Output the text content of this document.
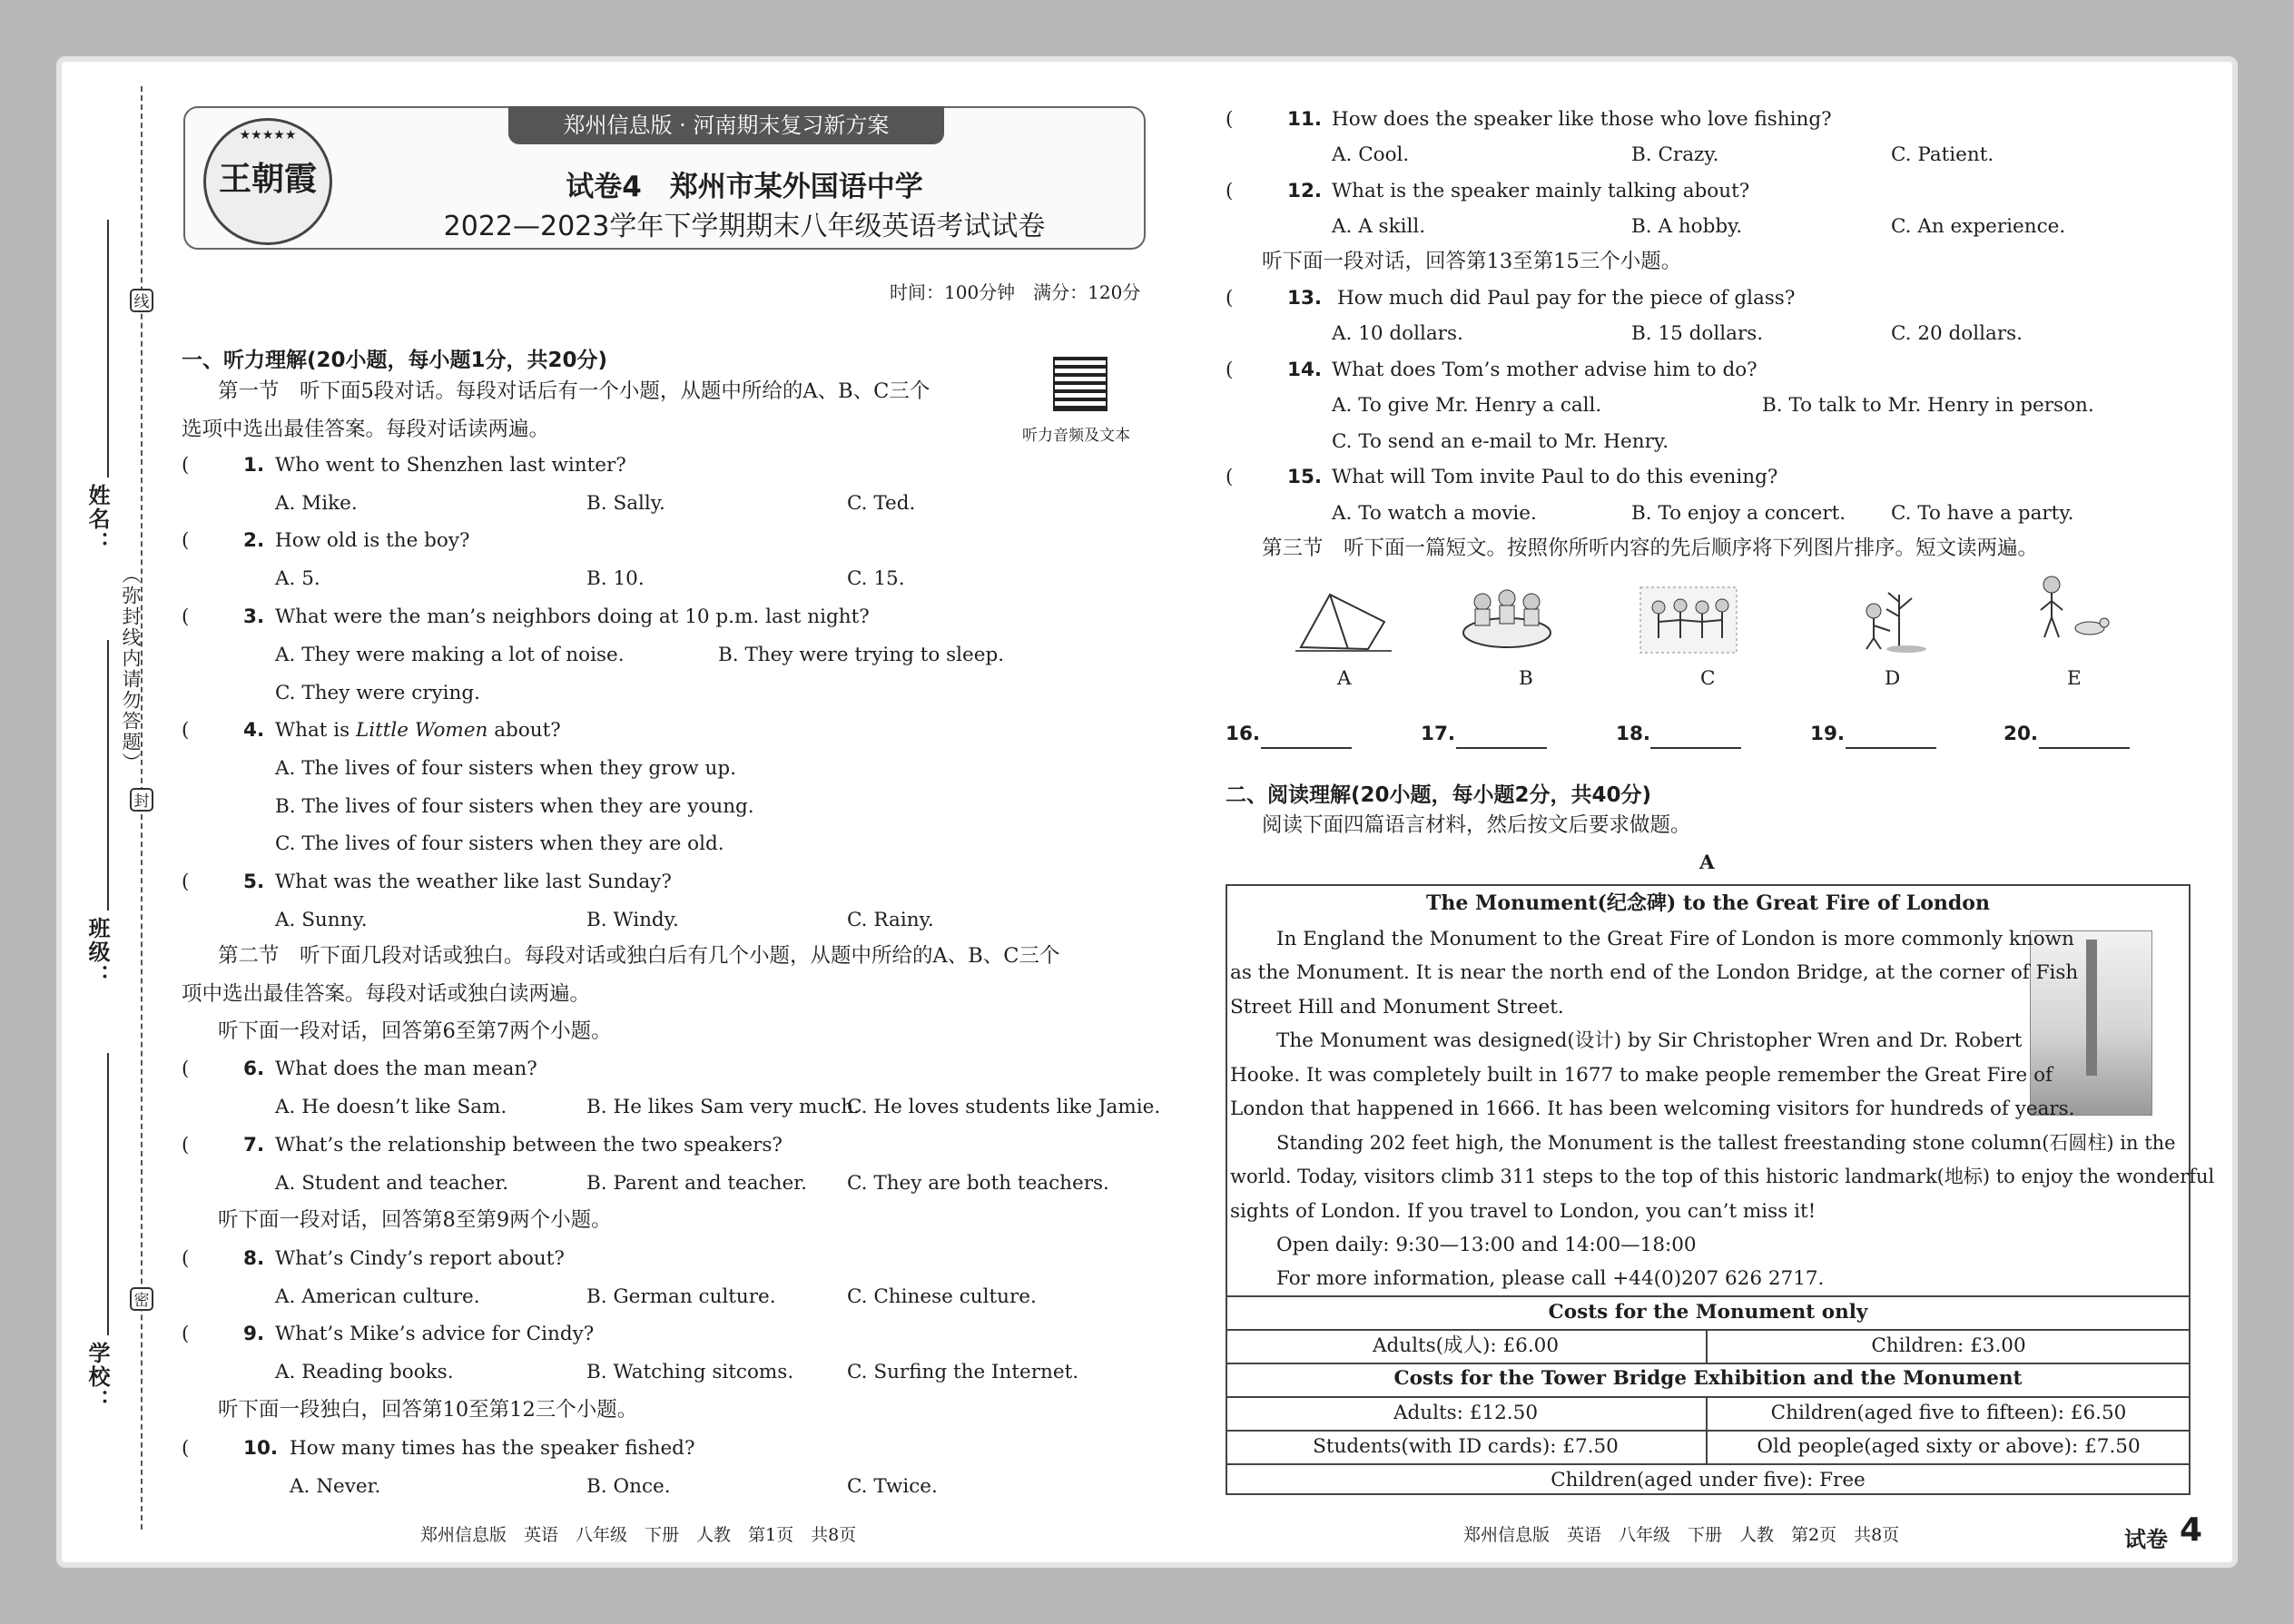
线
封
密
（弥封线内请勿答题）
姓名：
班级：
学校：
郑州信息版 · 河南期末复习新方案
★★★★★
王朝霞	试卷4　郑州市某外国语中学
2022—2023学年下学期期末八年级英语考试试卷
时间：100分钟　满分：120分
听力音频及文本
一、听力理解(20小题，每小题1分，共20分)
第一节　听下面5段对话。每段对话后有一个小题，从题中所给的A、B、C三个
选项中选出最佳答案。每段对话读两遍。
(	1. Who went to Shenzhen last winter?
A. Mike.	B. Sally.	C. Ted.
(	2. How old is the boy?
A. 5.	B. 10.	C. 15.
(	3. What were the man’s neighbors doing at 10 p.m. last night?
A. They were making a lot of noise.	B. They were trying to sleep.
C. They were crying.
(	4. What is Little Women about?
A. The lives of four sisters when they grow up.
B. The lives of four sisters when they are young.
C. The lives of four sisters when they are old.
(	5. What was the weather like last Sunday?
A. Sunny.	B. Windy.	C. Rainy.
第二节　听下面几段对话或独白。每段对话或独白后有几个小题，从题中所给的A、B、C三个
项中选出最佳答案。每段对话或独白读两遍。
听下面一段对话，回答第6至第7两个小题。
(	6. What does the man mean?
A. He doesn’t like Sam.	B. He likes Sam very much.
C. He loves students like Jamie.
(	7. What’s the relationship between the two speakers?
A. Student and teacher.	B. Parent and teacher. C. They are both teachers.
听下面一段对话，回答第8至第9两个小题。
(	8. What’s Cindy’s report about?
A. American culture.	B. German culture.	C. Chinese culture.
(	9. What’s Mike’s advice for Cindy?
A. Reading books.	B. Watching sitcoms.	C. Surfing the Internet.
听下面一段独白，回答第10至第12三个小题。
(	10. How many times has the speaker fished?
A. Never.	B. Once.	C. Twice.
郑州信息版　英语　八年级　下册　人教　第1页　共8页
(	11. How does the speaker like those who love fishing?
A. Cool.	B. Crazy.	C. Patient.
(	12. What is the speaker mainly talking about?
A. A skill.	B. A hobby.	C. An experience.
听下面一段对话，回答第13至第15三个小题。
(	13. How much did Paul pay for the piece of glass?
A. 10 dollars.	B. 15 dollars.	C. 20 dollars.
(	14. What does Tom’s mother advise him to do?
A. To give Mr. Henry a call.	B. To talk to Mr. Henry in person.
C. To send an e-mail to Mr. Henry.
(	15. What will Tom invite Paul to do this evening?
A. To watch a movie.	B. To enjoy a concert. C. To have a party.
第三节　听下面一篇短文。按照你所听内容的先后顺序将下列图片排序。短文读两遍。
A	B	C	D	E
16.	17.	18.	19.	20.
二、阅读理解(20小题，每小题2分，共40分)
阅读下面四篇语言材料，然后按文后要求做题。
A
The Monument(纪念碑) to the Great Fire of London
In England the Monument to the Great Fire of London is more commonly known
as the Monument. It is near the north end of the London Bridge, at the corner of Fish
Street Hill and Monument Street.
The Monument was designed(设计) by Sir Christopher Wren and Dr. Robert
Hooke. It was completely built in 1677 to make people remember the Great Fire of
London that happened in 1666. It has been welcoming visitors for hundreds of years.
Standing 202 feet high, the Monument is the tallest freestanding stone column(石圆柱) in the
world. Today, visitors climb 311 steps to the top of this historic landmark(地标) to enjoy the wonderful
sights of London. If you travel to London, you can’t miss it!
Open daily: 9:30—13:00 and 14:00—18:00
For more information, please call +44(0)207 626 2717.
Costs for the Monument only
Adults(成人): £6.00	Children: £3.00
Costs for the Tower Bridge Exhibition and the Monument
Adults: £12.50	Children(aged five to fifteen): £6.50
Students(with ID cards): £7.50	Old people(aged sixty or above): £7.50
Children(aged under five): Free
郑州信息版　英语　八年级　下册　人教　第2页　共8页	试卷 4
